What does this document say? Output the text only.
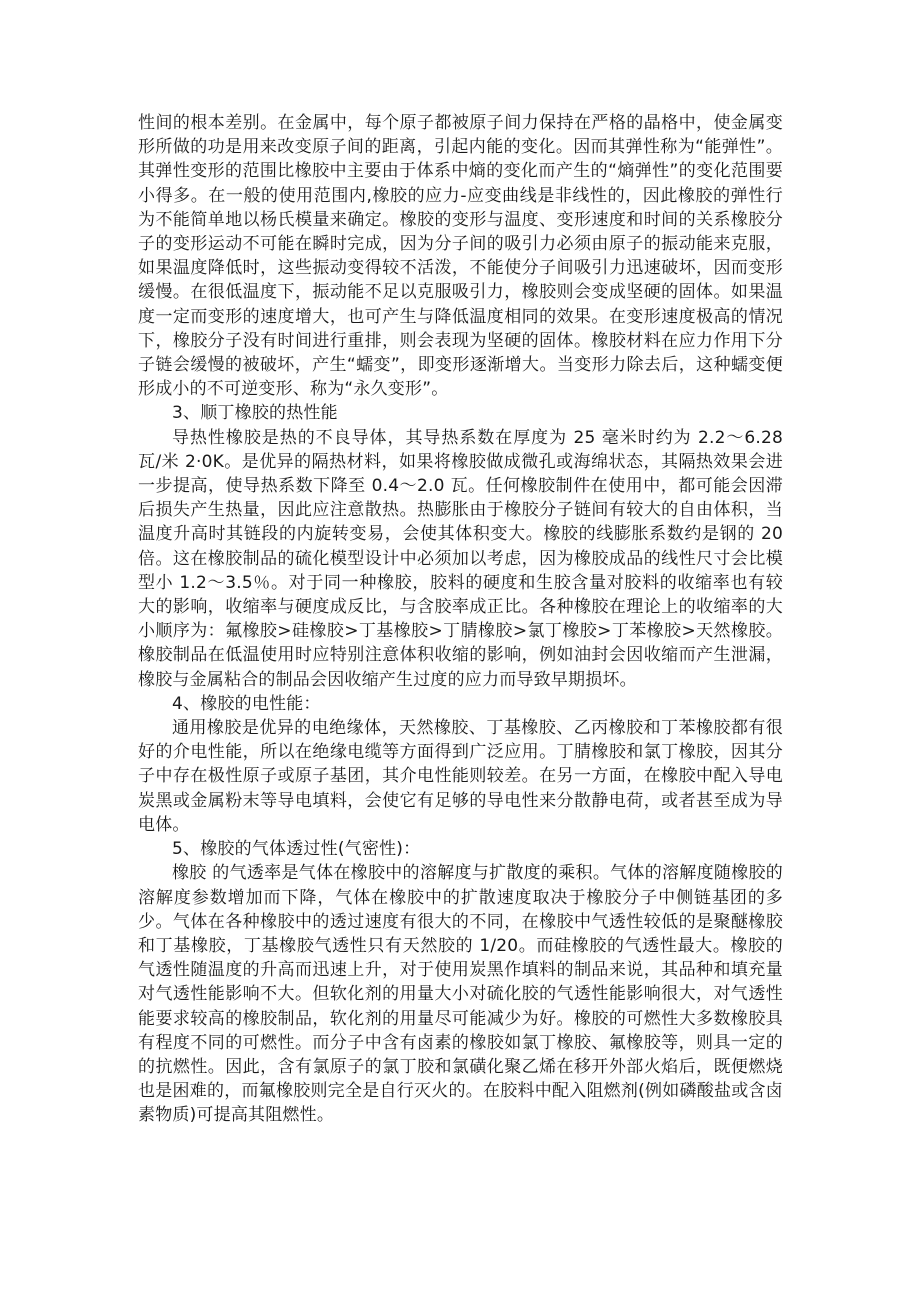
性间的根本差别。在金属中，每个原子都被原子间力保持在严格的晶格中，使金属变形所做的功是用来改变原子间的距离，引起内能的变化。因而其弹性称为“能弹性”。其弹性变形的范围比橡胶中主要由于体系中熵的变化而产生的“熵弹性”的变化范围要小得多。在一般的使用范围内,橡胶的应力-应变曲线是非线性的，因此橡胶的弹性行为不能简单地以杨氏模量来确定。橡胶的变形与温度、变形速度和时间的关系橡胶分子的变形运动不可能在瞬时完成，因为分子间的吸引力必须由原子的振动能来克服，如果温度降低时，这些振动变得较不活泼，不能使分子间吸引力迅速破坏，因而变形缓慢。在很低温度下，振动能不足以克服吸引力，橡胶则会变成坚硬的固体。如果温度一定而变形的速度增大，也可产生与降低温度相同的效果。在变形速度极高的情况下，橡胶分子没有时间进行重排，则会表现为坚硬的固体。橡胶材料在应力作用下分子链会缓慢的被破坏，产生“蠕变”，即变形逐渐增大。当变形力除去后，这种蠕变便形成小的不可逆变形、称为“永久变形”。

3、顺丁橡胶的热性能

导热性橡胶是热的不良导体，其导热系数在厚度为 25 毫米时约为 2.2～6.28 瓦/米 2·0K。是优异的隔热材料，如果将橡胶做成微孔或海绵状态，其隔热效果会进一步提高，使导热系数下降至 0.4～2.0 瓦。任何橡胶制件在使用中，都可能会因滞后损失产生热量，因此应注意散热。热膨胀由于橡胶分子链间有较大的自由体积，当温度升高时其链段的内旋转变易，会使其体积变大。橡胶的线膨胀系数约是钢的 20 倍。这在橡胶制品的硫化模型设计中必须加以考虑，因为橡胶成品的线性尺寸会比模型小 1.2～3.5％。对于同一种橡胶，胶料的硬度和生胶含量对胶料的收缩率也有较大的影响，收缩率与硬度成反比，与含胶率成正比。各种橡胶在理论上的收缩率的大小顺序为：氟橡胶>硅橡胶>丁基橡胶>丁腈橡胶>氯丁橡胶>丁苯橡胶>天然橡胶。 橡胶制品在低温使用时应特别注意体积收缩的影响，例如油封会因收缩而产生泄漏，橡胶与金属粘合的制品会因收缩产生过度的应力而导致早期损坏。

4、橡胶的电性能：

通用橡胶是优异的电绝缘体，天然橡胶、丁基橡胶、乙丙橡胶和丁苯橡胶都有很好的介电性能，所以在绝缘电缆等方面得到广泛应用。丁腈橡胶和氯丁橡胶，因其分子中存在极性原子或原子基团，其介电性能则较差。在另一方面，在橡胶中配入导电炭黑或金属粉末等导电填料，会使它有足够的导电性来分散静电荷，或者甚至成为导电体。

5、橡胶的气体透过性(气密性)：

橡胶 的气透率是气体在橡胶中的溶解度与扩散度的乘积。气体的溶解度随橡胶的溶解度参数增加而下降，气体在橡胶中的扩散速度取决于橡胶分子中侧链基团的多少。气体在各种橡胶中的透过速度有很大的不同，在橡胶中气透性较低的是聚醚橡胶和丁基橡胶，丁基橡胶气透性只有天然胶的 1/20。而硅橡胶的气透性最大。橡胶的气透性随温度的升高而迅速上升，对于使用炭黑作填料的制品来说，其品种和填充量对气透性能影响不大。但软化剂的用量大小对硫化胶的气透性能影响很大，对气透性能要求较高的橡胶制品，软化剂的用量尽可能减少为好。橡胶的可燃性大多数橡胶具有程度不同的可燃性。而分子中含有卤素的橡胶如氯丁橡胶、氟橡胶等，则具一定的的抗燃性。因此，含有氯原子的氯丁胶和氯磺化聚乙烯在移开外部火焰后，既便燃烧也是困难的，而氟橡胶则完全是自行灭火的。在胶料中配入阻燃剂(例如磷酸盐或含卤素物质)可提高其阻燃性。
